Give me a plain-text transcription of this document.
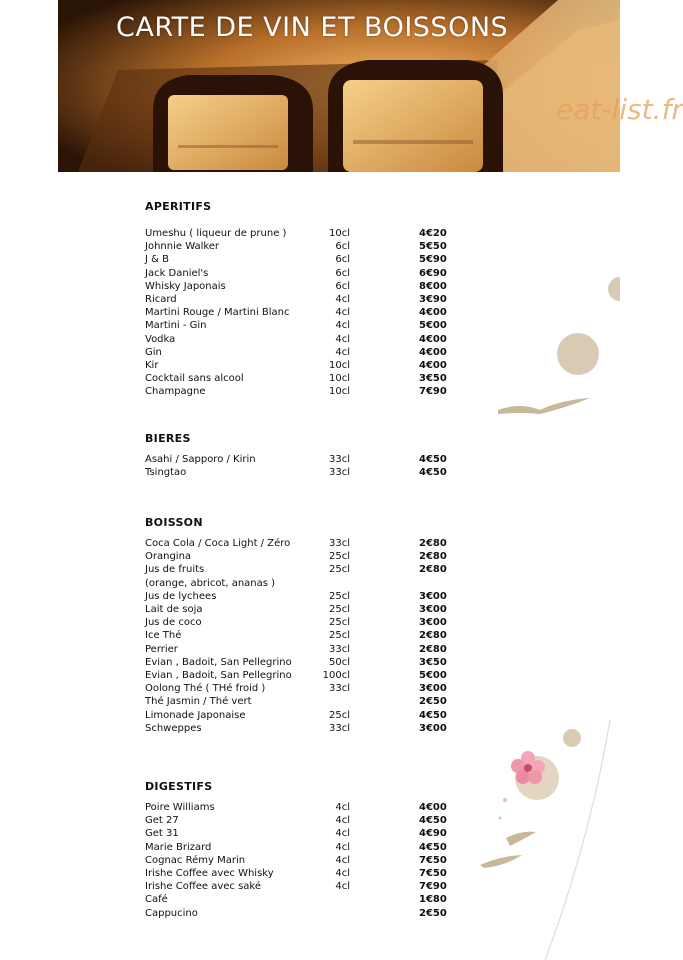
CARTE DE VIN ET BOISSONS
eat-list.fr
APERITIFS
Umeshu ( liqueur de prune )	10cl	4€20
Johnnie Walker	6cl	5€50
J & B	6cl	5€90
Jack Daniel's	6cl	6€90
Whisky Japonais	6cl	8€00
Ricard	4cl	3€90
Martini Rouge / Martini Blanc	4cl	4€00
Martini - Gin	4cl	5€00
Vodka	4cl	4€00
Gin	4cl	4€00
Kir	10cl	4€00
Cocktail sans alcool	10cl	3€50
Champagne	10cl	7€90
BIERES
Asahi / Sapporo / Kirin	33cl	4€50
Tsingtao	33cl	4€50
BOISSON
Coca Cola / Coca Light / Zéro	33cl	2€80
Orangina	25cl	2€80
Jus de fruits	25cl	2€80
(orange, abricot, ananas )
Jus de lychees	25cl	3€00
Lait de soja	25cl	3€00
Jus de coco	25cl	3€00
Ice Thé	25cl	2€80
Perrier	33cl	2€80
Evian , Badoit, San Pellegrino	50cl	3€50
Evian , Badoit, San Pellegrino	100cl	5€00
Oolong Thé ( THé froid )	33cl	3€00
Thé Jasmin / Thé vert	2€50
Limonade Japonaise	25cl	4€50
Schweppes	33cl	3€00
DIGESTIFS
Poire Williams	4cl	4€00
Get 27	4cl	4€50
Get 31	4cl	4€90
Marie Brizard	4cl	4€50
Cognac Rémy Marin	4cl	7€50
Irishe Coffee avec Whisky	4cl	7€50
Irishe Coffee avec saké	4cl	7€90
Café	1€80
Cappucino	2€50
